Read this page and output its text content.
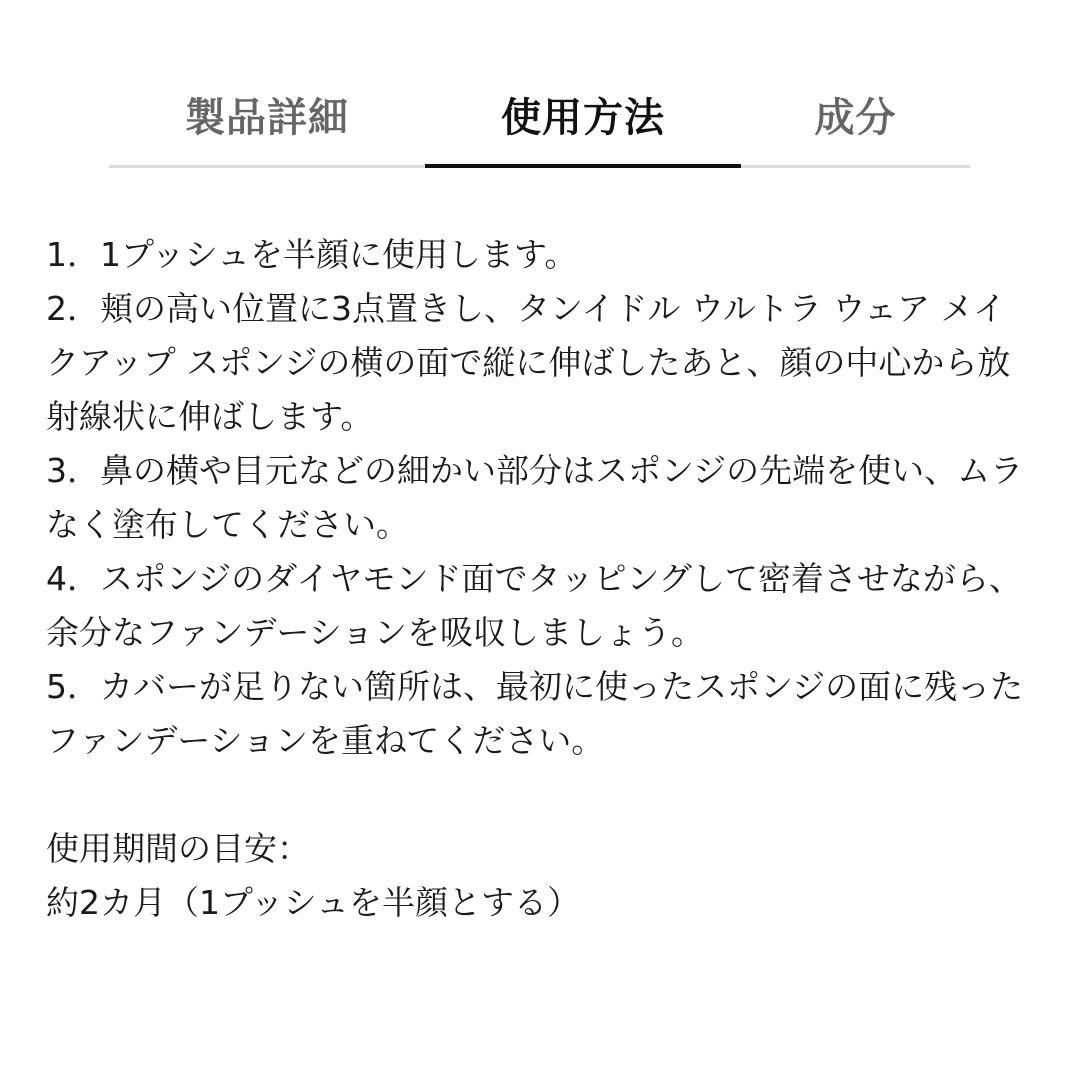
製品詳細	使用方法	成分

1．1プッシュを半顔に使用します。

2．頬の高い位置に3点置きし、タンイドル ウルトラ ウェア メイクアップ スポンジの横の面で縦に伸ばしたあと、顔の中心から放射線状に伸ばします。

3．鼻の横や目元などの細かい部分はスポンジの先端を使い、ムラなく塗布してください。

4．スポンジのダイヤモンド面でタッピングして密着させながら、余分なファンデーションを吸収しましょう。

5．カバーが足りない箇所は、最初に使ったスポンジの面に残ったファンデーションを重ねてください。

使用期間の目安：

約2カ月（1プッシュを半顔とする）
